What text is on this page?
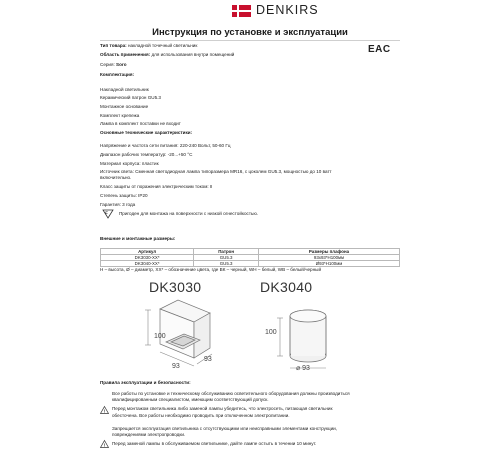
DENKIRS
Инструкция по установке и эксплуатации
EAC
Тип товара: накладной точечный светильник
Область применения: для использования внутри помещений
Серия: Soro
Комплектация:
Накладной светильник
Керамический патрон GU5.3
Монтажное основание
Комплект крепежа
Лампа в комплект поставки не входит
Основные технические характеристики:
Напряжение и частота сети питания: 220-240 Вольт, 50-60 Гц
Диапазон рабочих температур: -20...+50 °C
Материал корпуса: пластик
Источник света: Сменная светодиодная лампа типоразмера MR16, с цоколем GU5.3, мощностью до 10 ватт
включительно.
Класс защиты от поражения электрическим током: II
Степень защиты: IP20
Гарантия: 3 года
F Пригоден для монтажа на поверхности с низкой огнестойкостью.
Внешние и монтажные размеры:
Артикул	Патрон	Размеры плафона
DK3030-XX*	GU5.3	93х93*Н100мм
DK3040-XX*	GU5.3	Ø93*Н100мм
Н – высота, Ø – диаметр, ХХ* – обозначение цвета, где ВК – черный, WH – белый, WB – белый/черный
DK3030	DK3040
100
93
93
100
⌀ 93
Правила эксплуатации и безопасности:
Все работы по установке и техническому обслуживанию осветительного оборудования должны производиться
квалифицированным специалистом, имеющим соответствующий допуск.
!
Перед монтажом светильника либо заменой лампы убедитесь, что электросеть, питающая светильник
обесточена. Все работы необходимо проводить при отключенном электропитании.
Запрещается эксплуатация светильника с отсутствующими или неисправными элементами конструкции,
повреждениями электропроводки.
! Перед заменой лампы в обслуживаемом светильнике, дайте лампе остыть в течении 10 минут.
